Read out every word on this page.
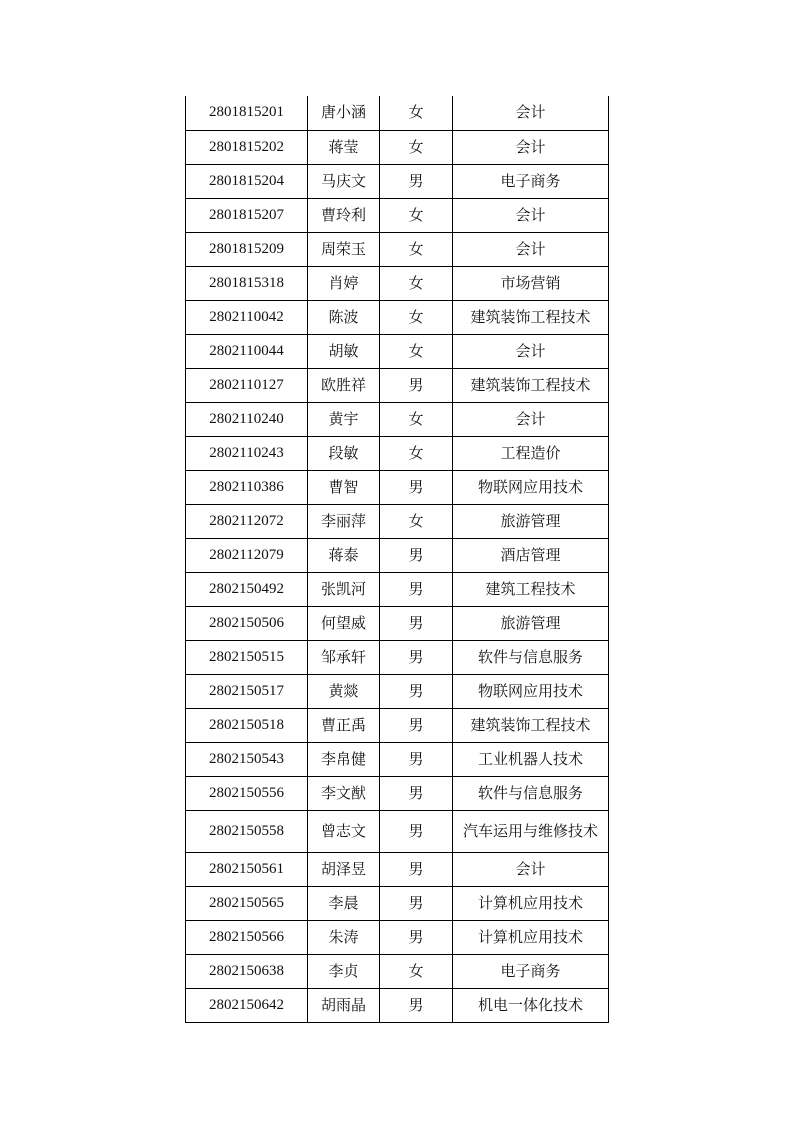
2801815201	唐小涵	女	会计
2801815202	蒋莹	女	会计
2801815204	马庆文	男	电子商务
2801815207	曹玲利	女	会计
2801815209	周荣玉	女	会计
2801815318	肖婷	女	市场营销
2802110042	陈波	女	建筑装饰工程技术
2802110044	胡敏	女	会计
2802110127	欧胜祥	男	建筑装饰工程技术
2802110240	黄宇	女	会计
2802110243	段敏	女	工程造价
2802110386	曹智	男	物联网应用技术
2802112072	李丽萍	女	旅游管理
2802112079	蒋泰	男	酒店管理
2802150492	张凯河	男	建筑工程技术
2802150506	何望威	男	旅游管理
2802150515	邹承轩	男	软件与信息服务
2802150517	黄燚	男	物联网应用技术
2802150518	曹正禹	男	建筑装饰工程技术
2802150543	李帛健	男	工业机器人技术
2802150556	李文猷	男	软件与信息服务
2802150558	曾志文	男	汽车运用与维修技术
2802150561	胡泽昱	男	会计
2802150565	李晨	男	计算机应用技术
2802150566	朱涛	男	计算机应用技术
2802150638	李贞	女	电子商务
2802150642	胡雨晶	男	机电一体化技术
